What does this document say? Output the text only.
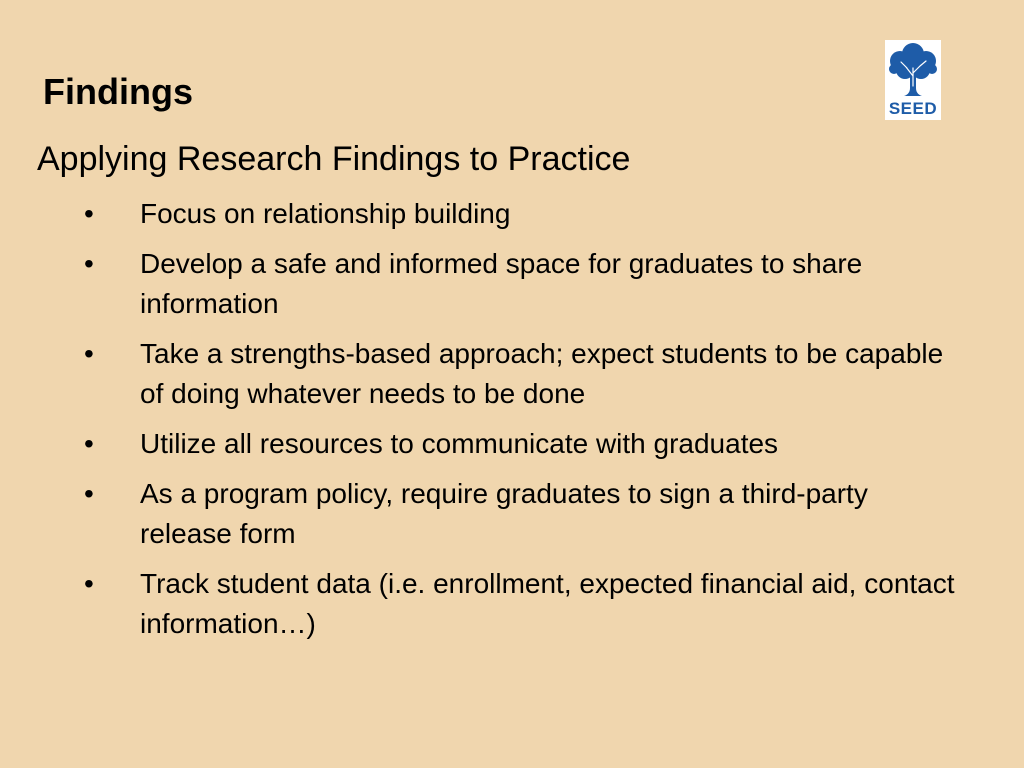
Findings	SEED
Applying Research Findings to Practice
• Focus on relationship building
• Develop a safe and informed space for graduates to share information
• Take a strengths-based approach; expect students to be capable of doing whatever needs to be done
• Utilize all resources to communicate with graduates
• As a program policy, require graduates to sign a third-party release form
• Track student data (i.e. enrollment, expected financial aid, contact information…)
